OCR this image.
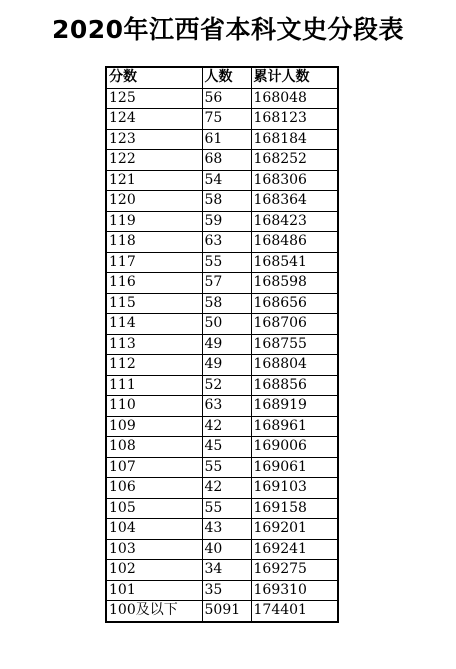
2020年江西省本科文史分段表
分数	人数	累计人数
125	56	168048
124	75	168123
123	61	168184
122	68	168252
121	54	168306
120	58	168364
119	59	168423
118	63	168486
117	55	168541
116	57	168598
115	58	168656
114	50	168706
113	49	168755
112	49	168804
111	52	168856
110	63	168919
109	42	168961
108	45	169006
107	55	169061
106	42	169103
105	55	169158
104	43	169201
103	40	169241
102	34	169275
101	35	169310
100及以下	5091	174401
